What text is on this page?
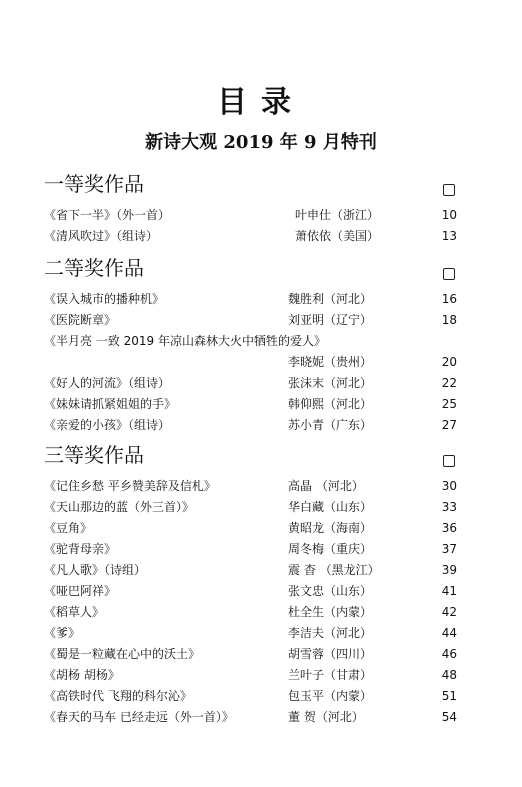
目录
新诗大观 2019 年 9 月特刊
一等奖作品
《省下一半》（外一首）	叶申仕（浙江）	10
《清风吹过》（组诗）	萧依依（美国）	13
二等奖作品
《误入城市的播种机》	魏胜利（河北）	16
《医院断章》	刘亚明（辽宁）	18
《半月亮 一致 2019 年凉山森林大火中牺牲的爱人》
李晓妮（贵州）	20
《好人的河流》（组诗）	张沫末（河北）	22
《妹妹请抓紧姐姐的手》	韩仰熙（河北）	25
《亲爱的小孩》（组诗）	苏小青（广东）	27
三等奖作品
《记住乡愁 平乡赞美辞及信札》	高晶 （河北）	30
《天山那边的蓝（外三首）》	华白藏（山东）	33
《豆角》	黄昭龙（海南）	36
《驼背母亲》	周冬梅（重庆）	37
《凡人歌》（诗组）	震 杳 （黑龙江）	39
《哑巴阿祥》	张文忠（山东）	41
《稻草人》	杜全生（内蒙）	42
《爹》	李洁夫（河北）	44
《蜀是一粒藏在心中的沃土》	胡雪蓉（四川）	46
《胡杨 胡杨》	兰叶子（甘肃）	48
《高铁时代 飞翔的科尔沁》	包玉平（内蒙）	51
《春天的马车 已经走远（外一首）》	董 贺（河北）	54
